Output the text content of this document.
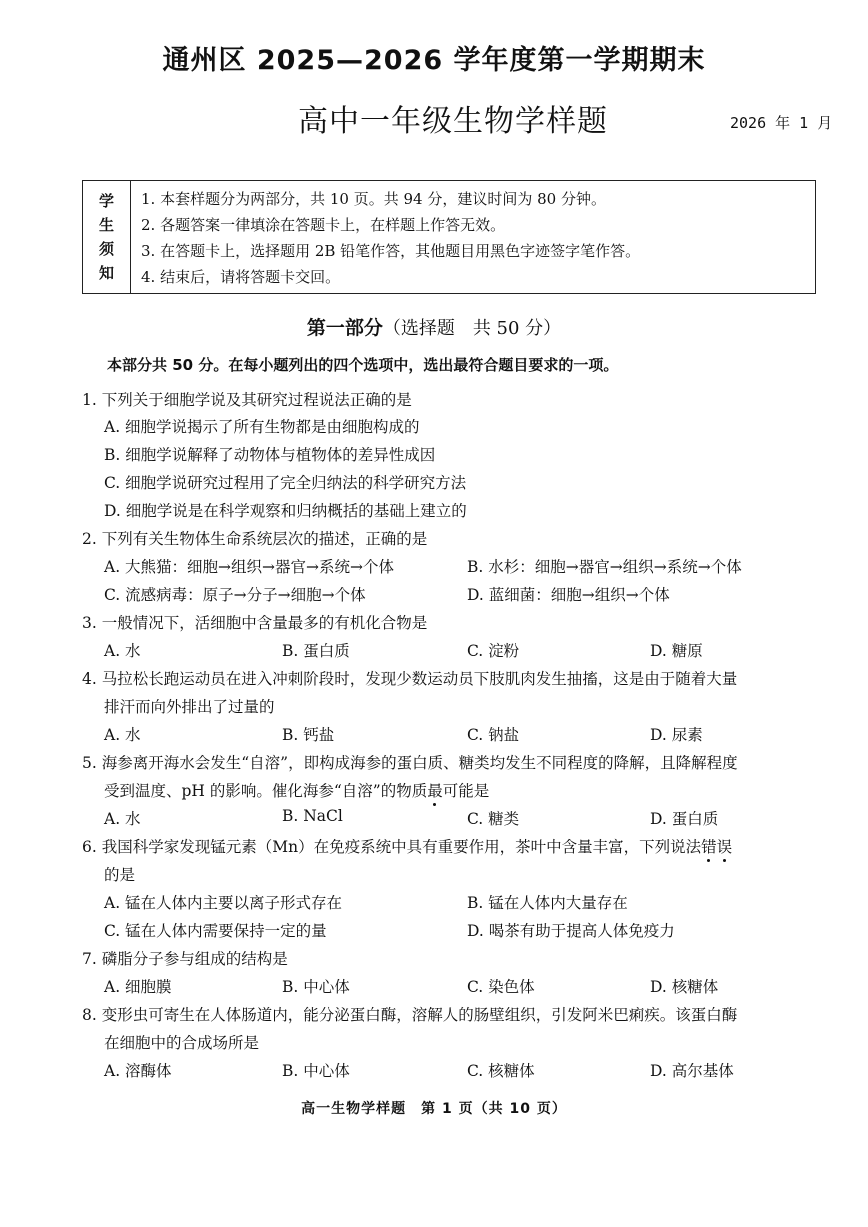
通州区 2025—2026 学年度第一学期期末
高中一年级生物学样题	2026 年 1 月
学
生
须
知
1. 本套样题分为两部分，共 10 页。共 94 分，建议时间为 80 分钟。
2. 各题答案一律填涂在答题卡上，在样题上作答无效。
3. 在答题卡上，选择题用 2B 铅笔作答，其他题目用黑色字迹签字笔作答。
4. 结束后，请将答题卡交回。
第一部分（选择题　共 50 分）
本部分共 50 分。在每小题列出的四个选项中，选出最符合题目要求的一项。
1. 下列关于细胞学说及其研究过程说法正确的是
A. 细胞学说揭示了所有生物都是由细胞构成的
B. 细胞学说解释了动物体与植物体的差异性成因
C. 细胞学说研究过程用了完全归纳法的科学研究方法
D. 细胞学说是在科学观察和归纳概括的基础上建立的
2. 下列有关生物体生命系统层次的描述，正确的是
A. 大熊猫：细胞→组织→器官→系统→个体	B. 水杉：细胞→器官→组织→系统→个体
C. 流感病毒：原子→分子→细胞→个体	D. 蓝细菌：细胞→组织→个体
3. 一般情况下，活细胞中含量最多的有机化合物是
A. 水	B. 蛋白质	C. 淀粉	D. 糖原
4. 马拉松长跑运动员在进入冲刺阶段时，发现少数运动员下肢肌肉发生抽搐，这是由于随着大量
排汗而向外排出了过量的
A. 水	B. 钙盐	C. 钠盐	D. 尿素
5. 海参离开海水会发生“自溶”，即构成海参的蛋白质、糖类均发生不同程度的降解，且降解程度
受到温度、pH 的影响。催化海参“自溶”的物质最可能是
A. 水	B. NaCl	C. 糖类	D. 蛋白质
6. 我国科学家发现锰元素（Mn）在免疫系统中具有重要作用，茶叶中含量丰富，下列说法错误
的是
A. 锰在人体内主要以离子形式存在	B. 锰在人体内大量存在
C. 锰在人体内需要保持一定的量	D. 喝茶有助于提高人体免疫力
7. 磷脂分子参与组成的结构是
A. 细胞膜	B. 中心体	C. 染色体	D. 核糖体
8. 变形虫可寄生在人体肠道内，能分泌蛋白酶，溶解人的肠壁组织，引发阿米巴痢疾。该蛋白酶
在细胞中的合成场所是
A. 溶酶体	B. 中心体	C. 核糖体	D. 高尔基体
高一生物学样题　第 1 页（共 10 页）
